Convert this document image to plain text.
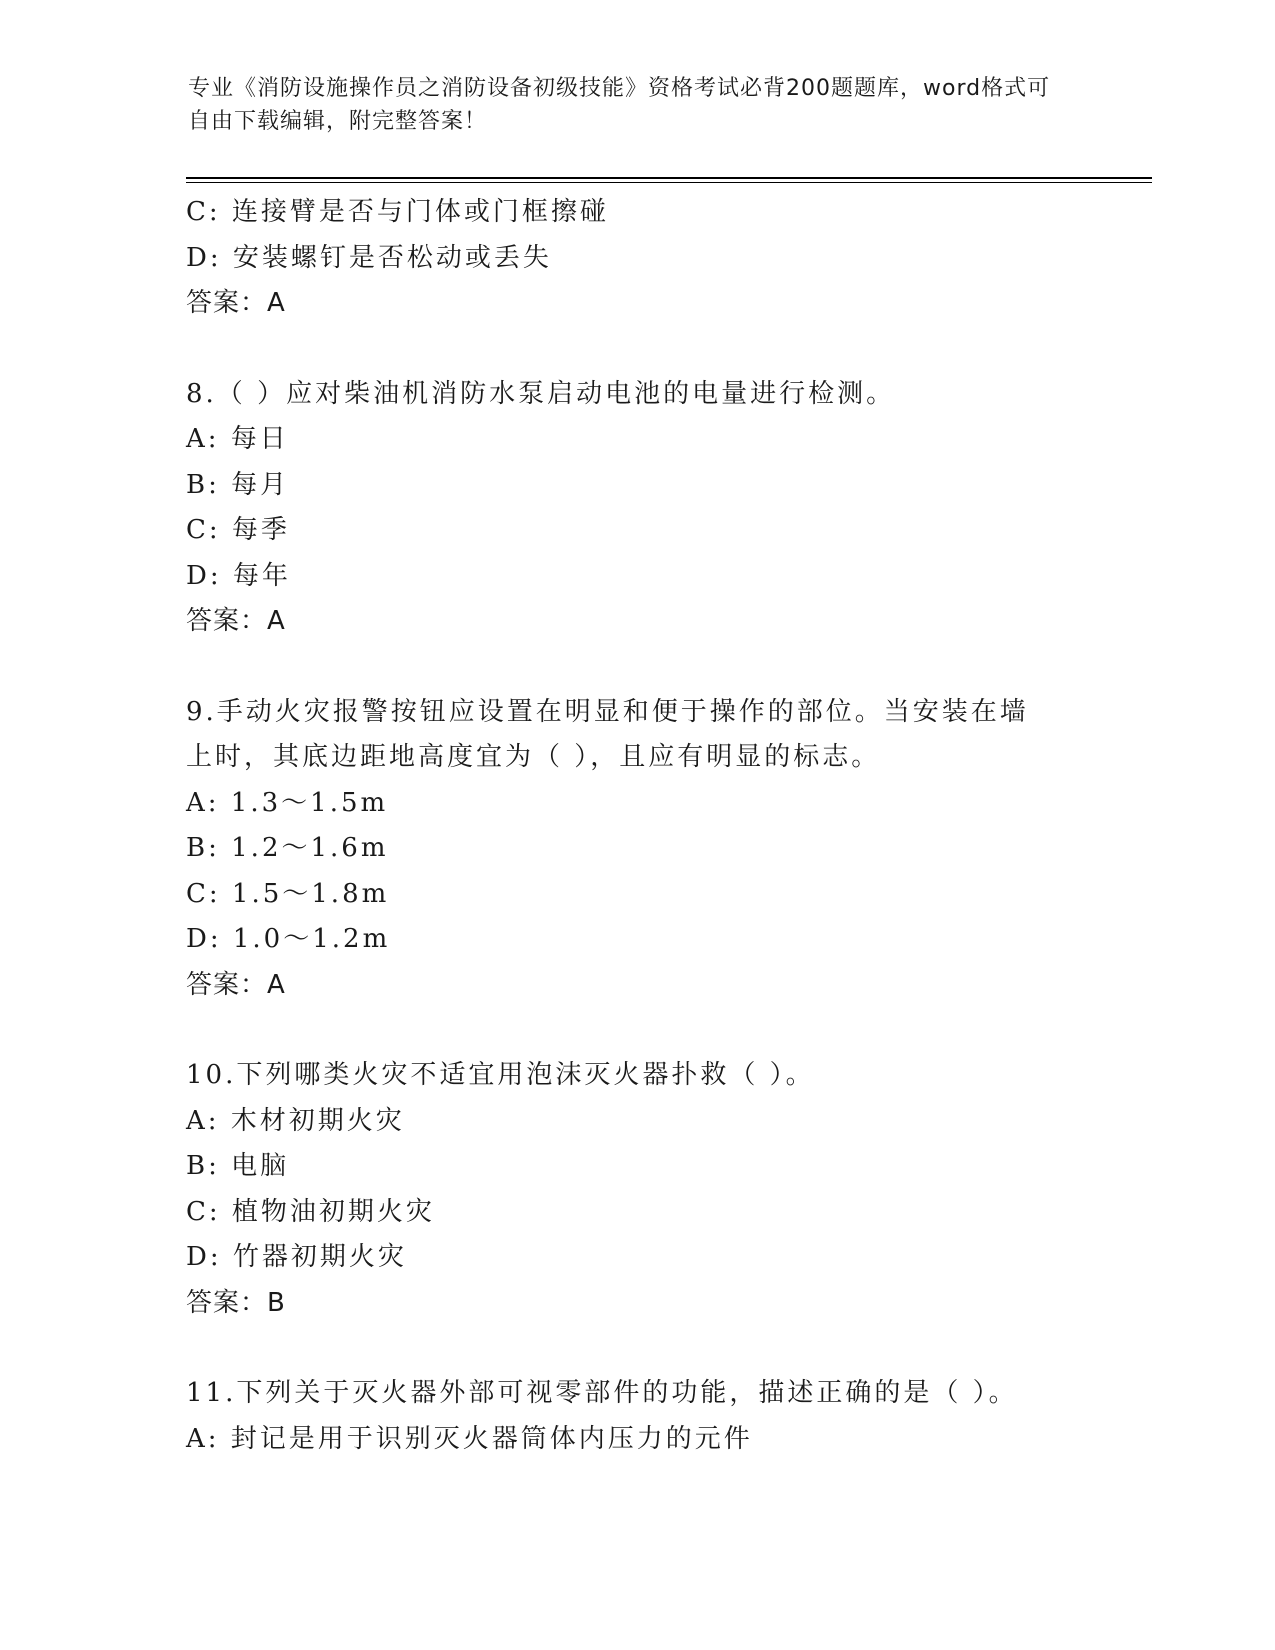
专业《消防设施操作员之消防设备初级技能》资格考试必背200题题库，word格式可自由下载编辑，附完整答案！
C: 连接臂是否与门体或门框擦碰
D: 安装螺钉是否松动或丢失
答案：A
8.（ ）应对柴油机消防水泵启动电池的电量进行检测。
A: 每日
B: 每月
C: 每季
D: 每年
答案：A
9.手动火灾报警按钮应设置在明显和便于操作的部位。当安装在墙上时，其底边距地高度宜为（ ），且应有明显的标志。
A: 1.3～1.5m
B: 1.2～1.6m
C: 1.5～1.8m
D: 1.0～1.2m
答案：A
10.下列哪类火灾不适宜用泡沫灭火器扑救（ ）。
A: 木材初期火灾
B: 电脑
C: 植物油初期火灾
D: 竹器初期火灾
答案：B
11.下列关于灭火器外部可视零部件的功能，描述正确的是（ ）。
A: 封记是用于识别灭火器筒体内压力的元件
